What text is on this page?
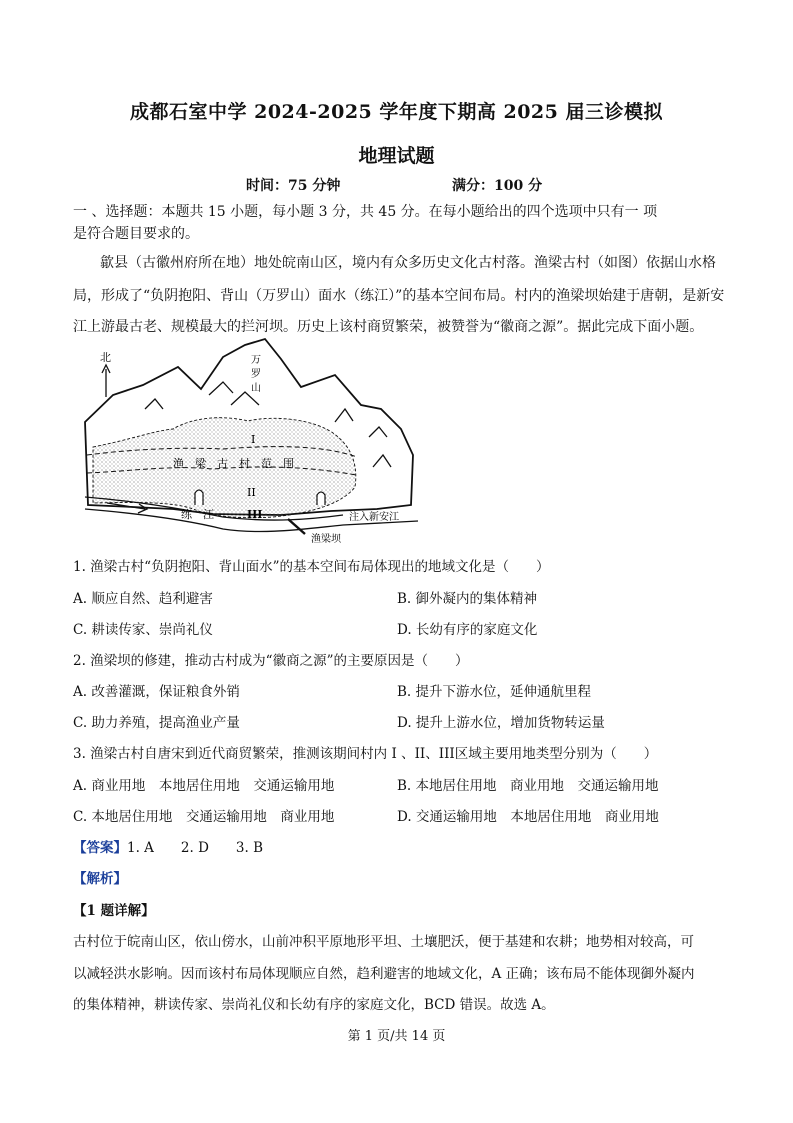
成都石室中学 2024-2025 学年度下期高 2025 届三诊模拟
地理试题
时间：75 分钟	满分：100 分
一 、选择题：本题共 15 小题，每小题 3 分，共 45 分。在每小题给出的四个选项中只有一 项
是符合题目要求的。
歙县（古徽州府所在地）地处皖南山区，境内有众多历史文化古村落。渔梁古村（如图）依据山水格
局，形成了“负阴抱阳、背山（万罗山）面水（练江）”的基本空间布局。村内的渔梁坝始建于唐朝，是新安
江上游最古老、规模最大的拦河坝。历史上该村商贸繁荣，被赞誉为“徽商之源”。据此完成下面小题。
北	万
罗
山
I
渔　梁　古　村　范　围
II
III
练　江
渔梁坝
注入新安江
1. 渔梁古村“负阴抱阳、背山面水”的基本空间布局体现出的地域文化是（　　）
A. 顺应自然、趋利避害	B. 御外凝内的集体精神
C. 耕读传家、崇尚礼仪	D. 长幼有序的家庭文化
2. 渔梁坝的修建，推动古村成为“徽商之源”的主要原因是（　　）
A. 改善灌溉，保证粮食外销	B. 提升下游水位，延伸通航里程
C. 助力养殖，提高渔业产量	D. 提升上游水位，增加货物转运量
3. 渔梁古村自唐宋到近代商贸繁荣，推测该期间村内 I 、II、III区域主要用地类型分别为（　　）
A. 商业用地　本地居住用地　交通运输用地	B. 本地居住用地　商业用地　交通运输用地
C. 本地居住用地　交通运输用地　商业用地	D. 交通运输用地　本地居住用地　商业用地
【答案】1. A　　2. D　　3. B
【解析】
【1 题详解】
古村位于皖南山区，依山傍水，山前冲积平原地形平坦、土壤肥沃，便于基建和农耕；地势相对较高，可
以减轻洪水影响。因而该村布局体现顺应自然，趋利避害的地域文化，A 正确；该布局不能体现御外凝内
的集体精神，耕读传家、崇尚礼仪和长幼有序的家庭文化，BCD 错误。故选 A。
第 1 页/共 14 页
